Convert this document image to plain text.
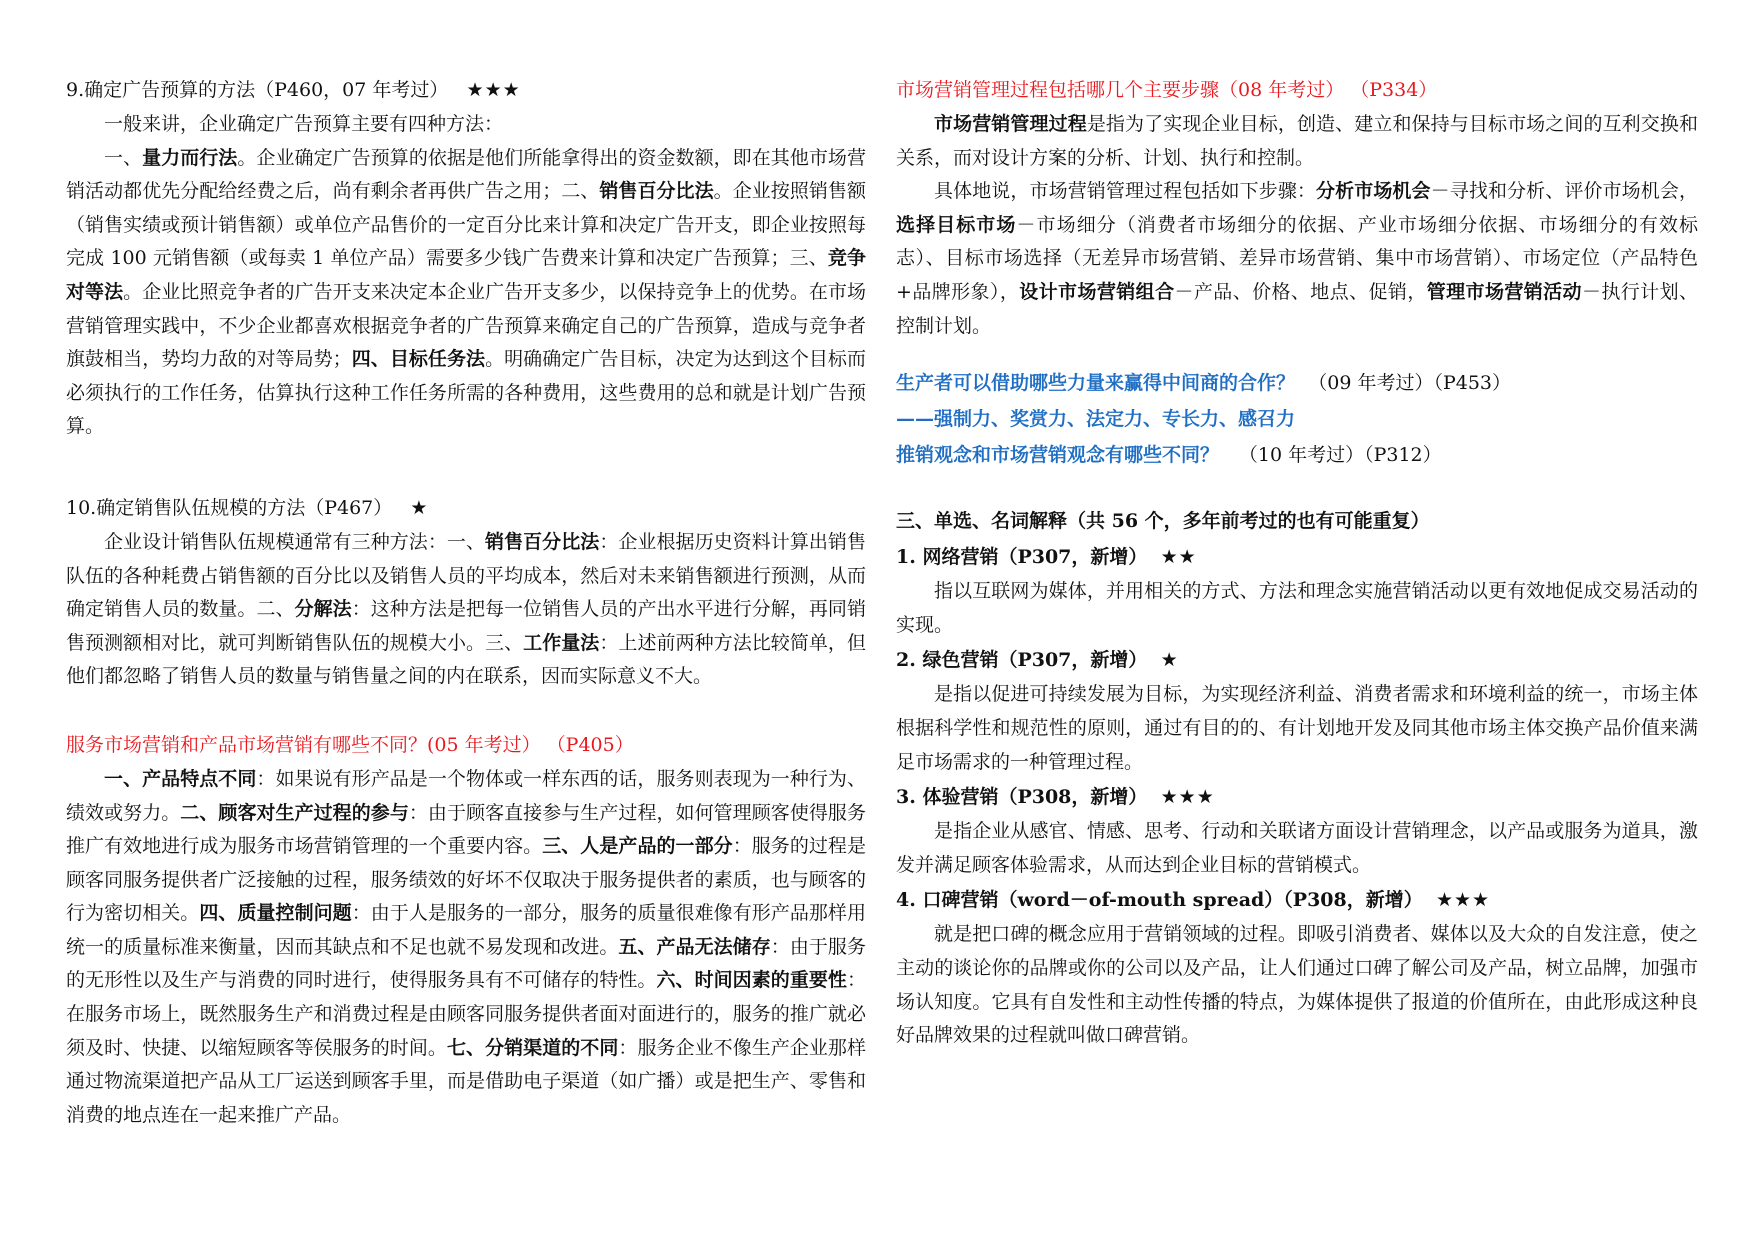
9.确定广告预算的方法（P460，07 年考过） ★★★

一般来讲，企业确定广告预算主要有四种方法：

一、量力而行法。企业确定广告预算的依据是他们所能拿得出的资金数额，即在其他市场营销活动都优先分配给经费之后，尚有剩余者再供广告之用；二、销售百分比法。企业按照销售额（销售实绩或预计销售额）或单位产品售价的一定百分比来计算和决定广告开支，即企业按照每完成 100 元销售额（或每卖 1 单位产品）需要多少钱广告费来计算和决定广告预算；三、竞争对等法。企业比照竞争者的广告开支来决定本企业广告开支多少，以保持竞争上的优势。在市场营销管理实践中，不少企业都喜欢根据竞争者的广告预算来确定自己的广告预算，造成与竞争者旗鼓相当，势均力敌的对等局势；四、目标任务法。明确确定广告目标，决定为达到这个目标而必须执行的工作任务，估算执行这种工作任务所需的各种费用，这些费用的总和就是计划广告预算。

10.确定销售队伍规模的方法（P467） ★

企业设计销售队伍规模通常有三种方法：一、销售百分比法：企业根据历史资料计算出销售队伍的各种耗费占销售额的百分比以及销售人员的平均成本，然后对未来销售额进行预测，从而确定销售人员的数量。二、分解法：这种方法是把每一位销售人员的产出水平进行分解，再同销售预测额相对比，就可判断销售队伍的规模大小。三、工作量法：上述前两种方法比较简单，但他们都忽略了销售人员的数量与销售量之间的内在联系，因而实际意义不大。

服务市场营销和产品市场营销有哪些不同？(05 年考过） （P405）

一、产品特点不同：如果说有形产品是一个物体或一样东西的话，服务则表现为一种行为、绩效或努力。二、顾客对生产过程的参与：由于顾客直接参与生产过程，如何管理顾客使得服务推广有效地进行成为服务市场营销管理的一个重要内容。三、人是产品的一部分：服务的过程是顾客同服务提供者广泛接触的过程，服务绩效的好坏不仅取决于服务提供者的素质，也与顾客的行为密切相关。四、质量控制问题：由于人是服务的一部分，服务的质量很难像有形产品那样用统一的质量标准来衡量，因而其缺点和不足也就不易发现和改进。五、产品无法储存：由于服务的无形性以及生产与消费的同时进行，使得服务具有不可储存的特性。六、时间因素的重要性：在服务市场上，既然服务生产和消费过程是由顾客同服务提供者面对面进行的，服务的推广就必须及时、快捷、以缩短顾客等侯服务的时间。七、分销渠道的不同：服务企业不像生产企业那样通过物流渠道把产品从工厂运送到顾客手里，而是借助电子渠道（如广播）或是把生产、零售和消费的地点连在一起来推广产品。

市场营销管理过程包括哪几个主要步骤（08 年考过） （P334）

市场营销管理过程是指为了实现企业目标，创造、建立和保持与目标市场之间的互利交换和关系，而对设计方案的分析、计划、执行和控制。

具体地说，市场营销管理过程包括如下步骤：分析市场机会－寻找和分析、评价市场机会，选择目标市场－市场细分（消费者市场细分的依据、产业市场细分依据、市场细分的有效标志）、目标市场选择（无差异市场营销、差异市场营销、集中市场营销）、市场定位（产品特色+品牌形象），设计市场营销组合－产品、价格、地点、促销，管理市场营销活动－执行计划、控制计划。

生产者可以借助哪些力量来赢得中间商的合作？ （09 年考过）（P453）
——强制力、奖赏力、法定力、专长力、感召力
推销观念和市场营销观念有哪些不同？ （10 年考过）（P312）
三、单选、名词解释（共 56 个，多年前考过的也有可能重复）
1. 网络营销（P307，新增） ★★

指以互联网为媒体，并用相关的方式、方法和理念实施营销活动以更有效地促成交易活动的实现。

2. 绿色营销（P307，新增） ★

是指以促进可持续发展为目标，为实现经济利益、消费者需求和环境利益的统一，市场主体根据科学性和规范性的原则，通过有目的的、有计划地开发及同其他市场主体交换产品价值来满足市场需求的一种管理过程。

3. 体验营销（P308，新增） ★★★

是指企业从感官、情感、思考、行动和关联诸方面设计营销理念，以产品或服务为道具，激发并满足顾客体验需求，从而达到企业目标的营销模式。

4. 口碑营销（word－of-mouth spread）（P308，新增） ★★★

就是把口碑的概念应用于营销领域的过程。即吸引消费者、媒体以及大众的自发注意，使之主动的谈论你的品牌或你的公司以及产品，让人们通过口碑了解公司及产品，树立品牌，加强市场认知度。它具有自发性和主动性传播的特点，为媒体提供了报道的价值所在，由此形成这种良好品牌效果的过程就叫做口碑营销。
